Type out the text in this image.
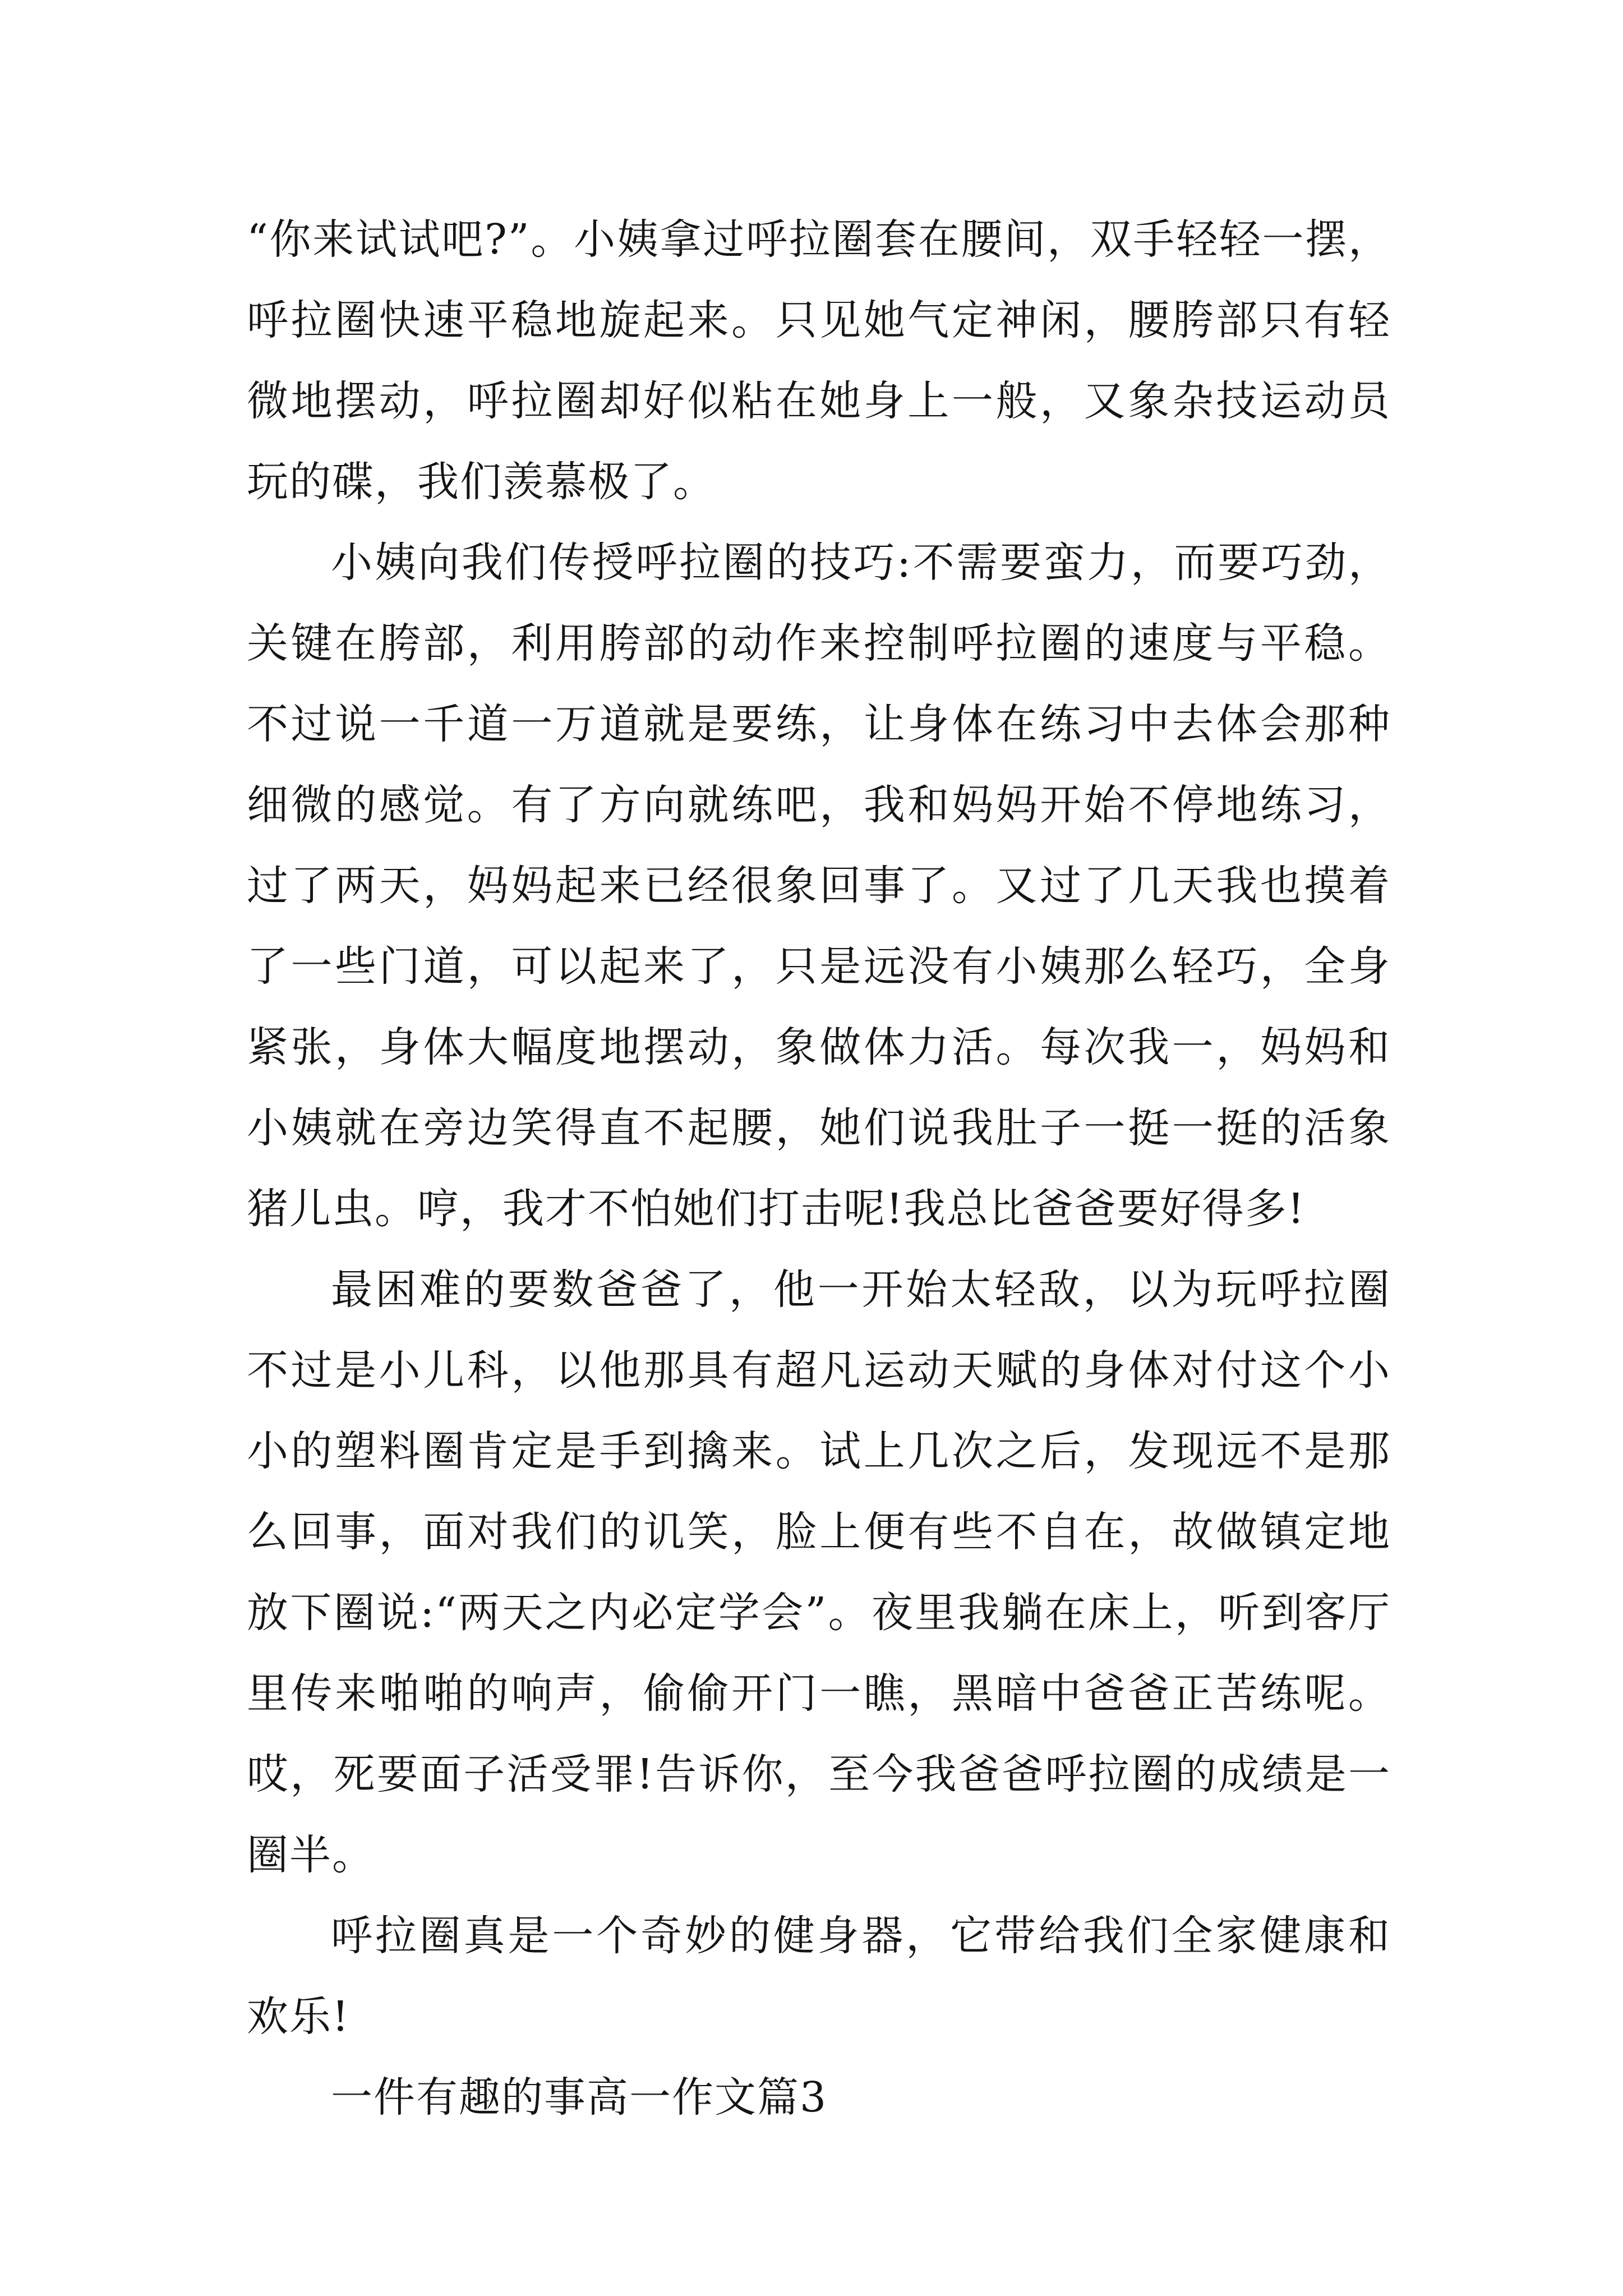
“你来试试吧?”。小姨拿过呼拉圈套在腰间，双手轻轻一摆，呼拉圈快速平稳地旋起来。只见她气定神闲，腰胯部只有轻微地摆动，呼拉圈却好似粘在她身上一般，又象杂技运动员玩的碟，我们羡慕极了。

小姨向我们传授呼拉圈的技巧:不需要蛮力，而要巧劲，关键在胯部，利用胯部的动作来控制呼拉圈的速度与平稳。不过说一千道一万道就是要练，让身体在练习中去体会那种细微的感觉。有了方向就练吧，我和妈妈开始不停地练习，过了两天，妈妈起来已经很象回事了。又过了几天我也摸着了一些门道，可以起来了，只是远没有小姨那么轻巧，全身紧张，身体大幅度地摆动，象做体力活。每次我一，妈妈和小姨就在旁边笑得直不起腰，她们说我肚子一挺一挺的活象猪儿虫。哼，我才不怕她们打击呢!我总比爸爸要好得多!

最困难的要数爸爸了，他一开始太轻敌，以为玩呼拉圈不过是小儿科，以他那具有超凡运动天赋的身体对付这个小小的塑料圈肯定是手到擒来。试上几次之后，发现远不是那么回事，面对我们的讥笑，脸上便有些不自在，故做镇定地放下圈说:“两天之内必定学会”。夜里我躺在床上，听到客厅里传来啪啪的响声，偷偷开门一瞧，黑暗中爸爸正苦练呢。哎，死要面子活受罪!告诉你，至今我爸爸呼拉圈的成绩是一圈半。

呼拉圈真是一个奇妙的健身器，它带给我们全家健康和欢乐!

一件有趣的事高一作文篇3
